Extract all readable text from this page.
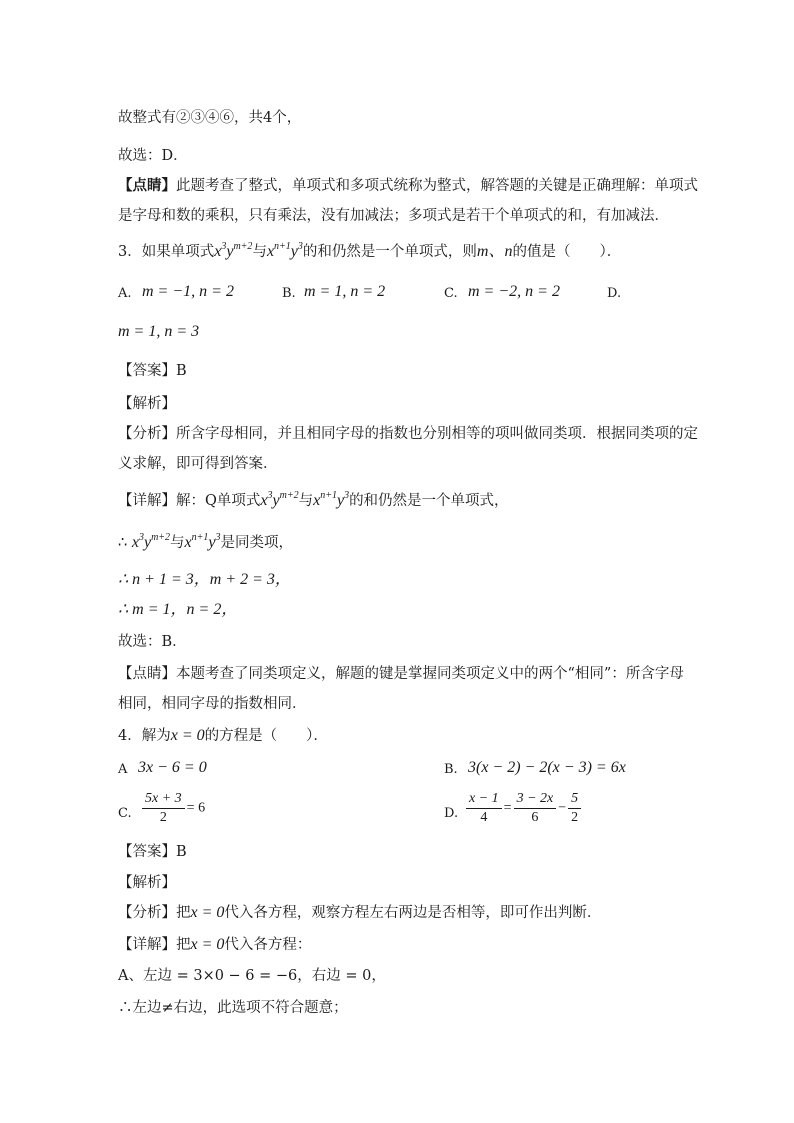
故整式有②③④⑥，共4个，
故选：D．
【点睛】此题考查了整式，单项式和多项式统称为整式，解答题的关键是正确理解：单项式
是字母和数的乘积，只有乘法，没有加减法；多项式是若干个单项式的和，有加减法．
3．如果单项式$x^3y^{m+2}$与$x^{n+1}y^3$的和仍然是一个单项式，则m、n的值是（　　）．
A. m = −1, n = 2	B. m = 1, n = 2	C. m = −2, n = 2	D.
m = 1, n = 3
【答案】B
【解析】
【分析】所含字母相同，并且相同字母的指数也分别相等的项叫做同类项．根据同类项的定
义求解，即可得到答案．
【详解】解：Q单项式$x^3y^{m+2}$与$x^{n+1}y^3$的和仍然是一个单项式，
∴ $x^3y^{m+2}$与$x^{n+1}y^3$是同类项，
∴ n + 1 = 3，m + 2 = 3，
∴ m = 1，n = 2，
故选：B．
【点睛】本题考查了同类项定义，解题的键是掌握同类项定义中的两个“相同”：所含字母
相同，相同字母的指数相同．
4．解为x = 0的方程是（　　）．
A 3x − 6 = 0	B. 3(x − 2) − 2(x − 3) = 6x
C. $\frac{5x + 3}{2} = 6$	D. $\frac{x - 1}{4} = \frac{3 - 2x}{6} - \frac{5}{2}$
【答案】B
【解析】
【分析】把x = 0代入各方程，观察方程左右两边是否相等，即可作出判断．
【详解】把x = 0代入各方程：
A、左边 = 3×0 − 6 = −6，右边 = 0，
∴左边≠右边，此选项不符合题意；
